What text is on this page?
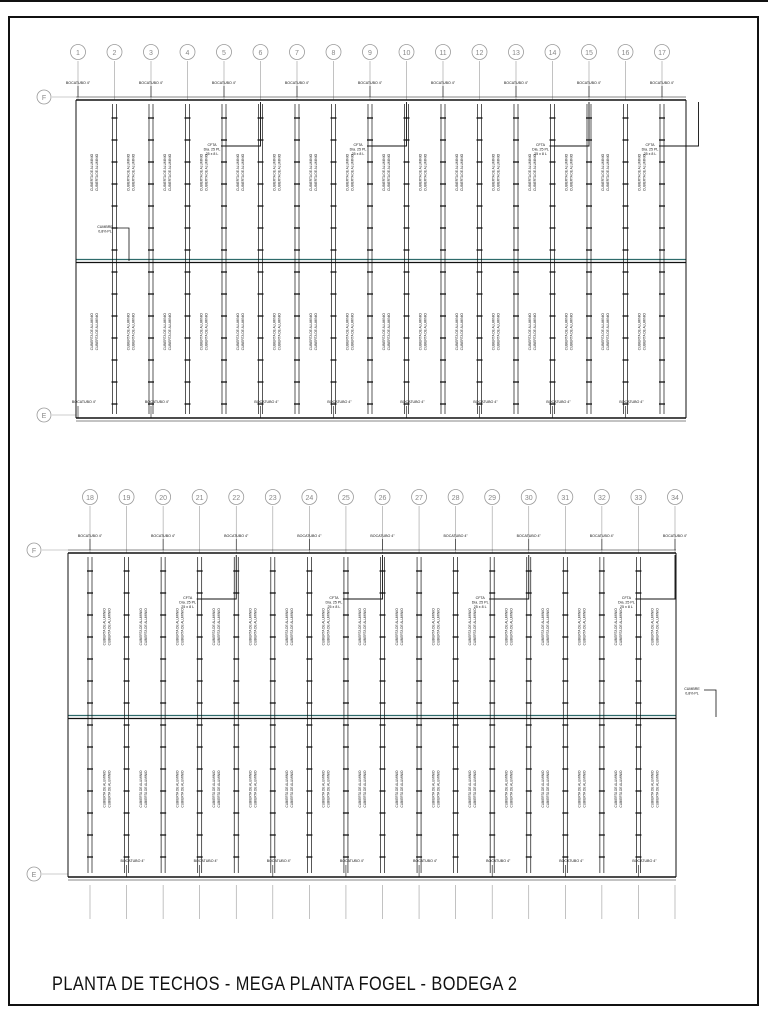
1	2	3	4	5	6	7	8	9	10	11	12	13	14	15	16	17
F
E
BOCATUBO 4"	BOCATUBO 4"	BOCATUBO 4"	BOCATUBO 4"	BOCATUBO 4"	BOCATUBO 4"	BOCATUBO 4"	BOCATUBO 4"	BOCATUBO 4"
BOCATUBO 4"	BOCATUBO 4"	BOCATUBO 4"	BOCATUBO 4"	BOCATUBO 4"	BOCATUBO 4"	BOCATUBO 4"	BOCATUBO 4"
CUBIERTA DE ALUMINIO CUBIERTA DE ALUMINIO
CUBIERTA DE ALUMINIO CUBIERTA DE ALUMINIO
CUBIERTA DE ALUMINIO CUBIERTA DE ALUMINIO
CUBIERTA DE ALUMINIO CUBIERTA DE ALUMINIO
CUBIERTA DE ALUMINIO CUBIERTA DE ALUMINIO
CUBIERTA DE ALUMINIO CUBIERTA DE ALUMINIO
CUBIERTA DE ALUMINIO CUBIERTA DE ALUMINIO
CUBIERTA DE ALUMINIO CUBIERTA DE ALUMINIO
CUBIERTA DE ALUMINIO CUBIERTA DE ALUMINIO
CUBIERTA DE ALUMINIO CUBIERTA DE ALUMINIO
CUBIERTA DE ALUMINIO CUBIERTA DE ALUMINIO
CUBIERTA DE ALUMINIO CUBIERTA DE ALUMINIO
CUBIERTA DE ALUMINIO CUBIERTA DE ALUMINIO
CUBIERTA DE ALUMINIO CUBIERTA DE ALUMINIO
CUBIERTA DE ALUMINIO CUBIERTA DE ALUMINIO
CUBIERTA DE ALUMINIO CUBIERTA DE ALUMINIO
CUBIERTA DE ALUMINIO CUBIERTA DE ALUMINIO
CUBIERTA DE ALUMINIO CUBIERTA DE ALUMINIO
CUBIERTA DE ALUMINIO CUBIERTA DE ALUMINIO
CUBIERTA DE ALUMINIO CUBIERTA DE ALUMINIO
CUBIERTA DE ALUMINIO CUBIERTA DE ALUMINIO
CUBIERTA DE ALUMINIO CUBIERTA DE ALUMINIO
CUBIERTA DE ALUMINIO CUBIERTA DE ALUMINIO
CUBIERTA DE ALUMINIO CUBIERTA DE ALUMINIO
CUBIERTA DE ALUMINIO CUBIERTA DE ALUMINIO
CUBIERTA DE ALUMINIO CUBIERTA DE ALUMINIO
CUBIERTA DE ALUMINIO CUBIERTA DE ALUMINIO
CUBIERTA DE ALUMINIO CUBIERTA DE ALUMINIO
CUBIERTA DE ALUMINIO CUBIERTA DE ALUMINIO
CUBIERTA DE ALUMINIO CUBIERTA DE ALUMINIO
CUBIERTA DE ALUMINIO CUBIERTA DE ALUMINIO
CUBIERTA DE ALUMINIO CUBIERTA DE ALUMINIO
CFTA
Dia. 25 PL
25 x 8 L
CFTA
Dia. 25 PL
25 x 8 L
CFTA
Dia. 25 PL
25 x 8 L
CFTA
Dia. 25 PL
25 x 8 L
CUMBRE
0,8% PL
18	19	20	21	22	23	24	25	26	27	28	29	30	31	32	33	34
F
E
BOCATUBO 4"	BOCATUBO 4"	BOCATUBO 4"	BOCATUBO 4"	BOCATUBO 4"	BOCATUBO 4"	BOCATUBO 4"	BOCATUBO 4"	BOCATUBO 4"
BOCATUBO 4"	BOCATUBO 4"	BOCATUBO 4"	BOCATUBO 4"	BOCATUBO 4"	BOCATUBO 4"	BOCATUBO 4"	BOCATUBO 4"
CUBIERTA DE ALUMINIO CUBIERTA DE ALUMINIO
CUBIERTA DE ALUMINIO CUBIERTA DE ALUMINIO
CUBIERTA DE ALUMINIO CUBIERTA DE ALUMINIO
CUBIERTA DE ALUMINIO CUBIERTA DE ALUMINIO
CUBIERTA DE ALUMINIO CUBIERTA DE ALUMINIO
CUBIERTA DE ALUMINIO CUBIERTA DE ALUMINIO
CUBIERTA DE ALUMINIO CUBIERTA DE ALUMINIO
CUBIERTA DE ALUMINIO CUBIERTA DE ALUMINIO
CUBIERTA DE ALUMINIO CUBIERTA DE ALUMINIO
CUBIERTA DE ALUMINIO CUBIERTA DE ALUMINIO
CUBIERTA DE ALUMINIO CUBIERTA DE ALUMINIO
CUBIERTA DE ALUMINIO CUBIERTA DE ALUMINIO
CUBIERTA DE ALUMINIO CUBIERTA DE ALUMINIO
CUBIERTA DE ALUMINIO CUBIERTA DE ALUMINIO
CUBIERTA DE ALUMINIO CUBIERTA DE ALUMINIO
CUBIERTA DE ALUMINIO CUBIERTA DE ALUMINIO
CUBIERTA DE ALUMINIO CUBIERTA DE ALUMINIO
CUBIERTA DE ALUMINIO CUBIERTA DE ALUMINIO
CUBIERTA DE ALUMINIO CUBIERTA DE ALUMINIO
CUBIERTA DE ALUMINIO CUBIERTA DE ALUMINIO
CUBIERTA DE ALUMINIO CUBIERTA DE ALUMINIO
CUBIERTA DE ALUMINIO CUBIERTA DE ALUMINIO
CUBIERTA DE ALUMINIO CUBIERTA DE ALUMINIO
CUBIERTA DE ALUMINIO CUBIERTA DE ALUMINIO
CUBIERTA DE ALUMINIO CUBIERTA DE ALUMINIO
CUBIERTA DE ALUMINIO CUBIERTA DE ALUMINIO
CUBIERTA DE ALUMINIO CUBIERTA DE ALUMINIO
CUBIERTA DE ALUMINIO CUBIERTA DE ALUMINIO
CUBIERTA DE ALUMINIO CUBIERTA DE ALUMINIO
CUBIERTA DE ALUMINIO CUBIERTA DE ALUMINIO
CUBIERTA DE ALUMINIO CUBIERTA DE ALUMINIO
CUBIERTA DE ALUMINIO CUBIERTA DE ALUMINIO
CFTA
Dia. 25 PL
25 x 8 L
CFTA
Dia. 25 PL
25 x 8 L
CFTA
Dia. 25 PL
25 x 8 L
CFTA
Dia. 25 PL
25 x 8 L
CUMBRE
0,8% PL
PLANTA DE TECHOS - MEGA PLANTA FOGEL - BODEGA 2
